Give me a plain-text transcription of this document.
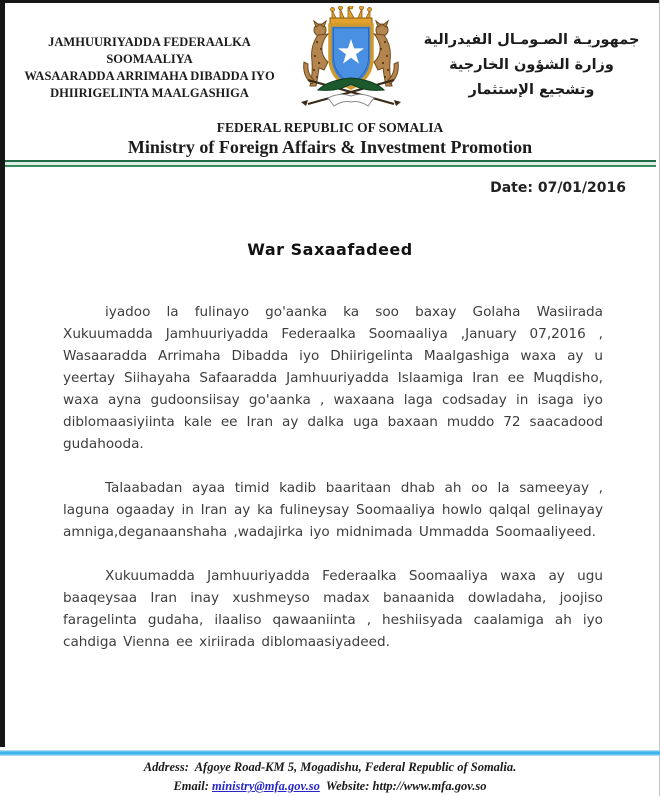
JAMHUURIYADDA FEDERAALKA SOOMAALIYA
WASAARADDA ARRIMAHA DIBADDA IYO
DHIIRIGELINTA MAALGASHIGA
جمهوريـة الصـومـال الفيدرالية
وزارة الشؤون الخارجية
وتشجيع الإستثمار
FEDERAL REPUBLIC OF SOMALIA
Ministry of Foreign Affairs & Investment Promotion
Date: 07/01/2016
War Saxaafadeed

iyadoo la fulinayo go'aanka ka soo baxay Golaha Wasiirada Xukuumadda Jamhuuriyadda Federaalka Soomaaliya ,January 07,2016 , Wasaaradda Arrimaha Dibadda iyo Dhiirigelinta Maalgashiga waxa ay u yeertay Siihayaha Safaaradda Jamhuuriyadda Islaamiga Iran ee Muqdisho, waxa ayna gudoonsiisay go'aanka , waxaana laga codsaday in isaga iyo diblomaasiyiinta kale ee Iran ay dalka uga baxaan muddo 72 saacadood gudahooda.

Talaabadan ayaa timid kadib baaritaan dhab ah oo la sameeyay , laguna ogaaday in Iran ay ka fulineysay Soomaaliya howlo qalqal gelinayay amniga,deganaanshaha ,wadajirka iyo midnimada Ummadda Soomaaliyeed.

Xukuumadda Jamhuuriyadda Federaalka Soomaaliya waxa ay ugu baaqeysaa Iran inay xushmeyso madax banaanida dowladaha, joojiso faragelinta gudaha, ilaaliso qawaaniinta , heshiisyada caalamiga ah iyo cahdiga Vienna ee xiriirada diblomaasiyadeed.

Address: Afgoye Road-KM 5, Mogadishu, Federal Republic of Somalia.
Email: ministry@mfa.gov.so Website: http://www.mfa.gov.so
